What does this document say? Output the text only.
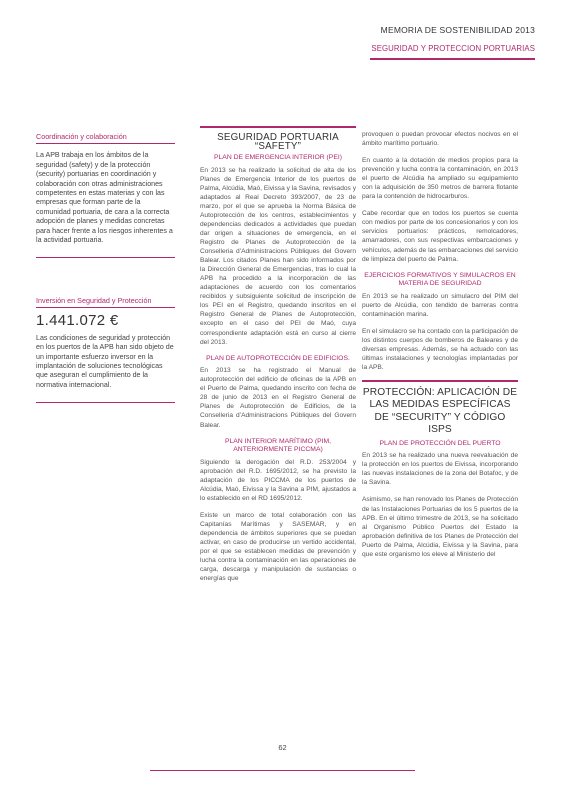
MEMORIA DE SOSTENIBILIDAD 2013
SEGURIDAD Y PROTECCION PORTUARIAS
Coordinación y colaboración
La APB trabaja en los ámbitos de la seguridad (safety) y de la protección (security) portuarias en coordinación y colaboración con otras administraciones competentes en estas materias y con las empresas que forman parte de la comunidad portuaria, de cara a la correcta adopción de planes y medidas concretas para hacer frente a los riesgos inherentes a la actividad portuaria.
Inversión en Seguridad y Protección
1.441.072 €
Las condiciones de seguridad y protección en los puertos de la APB han sido objeto de un importante esfuerzo inversor en la implantación de soluciones tecnológicas que aseguran el cumplimiento de la normativa internacional.
SEGURIDAD PORTUARIA “SAFETY”
PLAN DE EMERGENCIA INTERIOR (PEI)

En 2013 se ha realizado la solicitud de alta de los Planes de Emergencia Interior de los puertos de Palma, Alcúdia, Maó, Eivissa y la Savina, revisados y adaptados al Real Decreto 393/2007, de 23 de marzo, por el que se aprueba la Norma Básica de Autoprotección de los centros, establecimientos y dependencias dedicados a actividades que puedan dar origen a situaciones de emergencia, en el Registro de Planes de Autoprotección de la Conselleria d’Administracions Públiques del Govern Balear. Los citados Planes han sido informados por la Dirección General de Emergencias, tras lo cual la APB ha procedido a la incorporación de las adaptaciones de acuerdo con los comentarios recibidos y subsiguiente solicitud de inscripción de los PEI en el Registro, quedando inscritos en el Registro General de Planes de Autoprotección, excepto en el caso del PEI de Maó, cuya correspondiente adaptación está en curso al cierre del 2013.

PLAN DE AUTOPROTECCIÓN DE EDIFICIOS.

En 2013 se ha registrado el Manual de autoprotección del edificio de oficinas de la APB en el Puerto de Palma, quedando inscrito con fecha de 28 de junio de 2013 en el Registro General de Planes de Autoprotección de Edificios, de la Conselleria d’Administracions Públiques del Govern Balear.

PLAN INTERIOR MARÍTIMO (PIM, ANTERIORMENTE PICCMA)

Siguiendo la derogación del R.D. 253/2004 y aprobación del R.D. 1695/2012, se ha previsto la adaptación de los PICCMA de los puertos de Alcúdia, Maó, Eivissa y la Savina a PIM, ajustados a lo establecido en el RD 1695/2012.

Existe un marco de total colaboración con las Capitanías Marítimas y SASEMAR, y en dependencia de ámbitos superiores que se puedan activar, en caso de producirse un vertido accidental, por el que se establecen medidas de prevención y lucha contra la contaminación en las operaciones de carga, descarga y manipulación de sustancias o energías que

provoquen o puedan provocar efectos nocivos en el ámbito marítimo portuario.

En cuanto a la dotación de medios propios para la prevención y lucha contra la contaminación, en 2013 el puerto de Alcúdia ha ampliado su equipamiento con la adquisición de 350 metros de barrera flotante para la contención de hidrocarburos.

Cabe recordar que en todos los puertos se cuenta con medios por parte de los concesionarios y con los servicios portuarios: prácticos, remolcadores, amarradores, con sus respectivas embarcaciones y vehículos, además de las embarcaciones del servicio de limpieza del puerto de Palma.

EJERCICIOS FORMATIVOS Y SIMULACROS EN MATERIA DE SEGURIDAD

En 2013 se ha realizado un simulacro del PIM del puerto de Alcúdia, con tendido de barreras contra contaminación marina.

En el simulacro se ha contado con la participación de los distintos cuerpos de bomberos de Baleares y de diversas empresas. Además, se ha actuado con las últimas instalaciones y tecnologías implantadas por la APB.

PROTECCIÓN: APLICACIÓN DE LAS MEDIDAS ESPECÍFICAS DE “SECURITY” Y CÓDIGO ISPS
PLAN DE PROTECCIÓN DEL PUERTO

En 2013 se ha realizado una nueva reevaluación de la protección en los puertos de Eivissa, incorporando las nuevas instalaciones de la zona del Botafoc, y de la Savina.

Asimismo, se han renovado los Planes de Protección de las Instalaciones Portuarias de los 5 puertos de la APB. En el último trimestre de 2013, se ha solicitado al Organismo Público Puertos del Estado la aprobación definitiva de los Planes de Protección del Puerto de Palma, Alcúdia, Eivissa y la Savina, para que este organismo los eleve al Ministerio del

62
